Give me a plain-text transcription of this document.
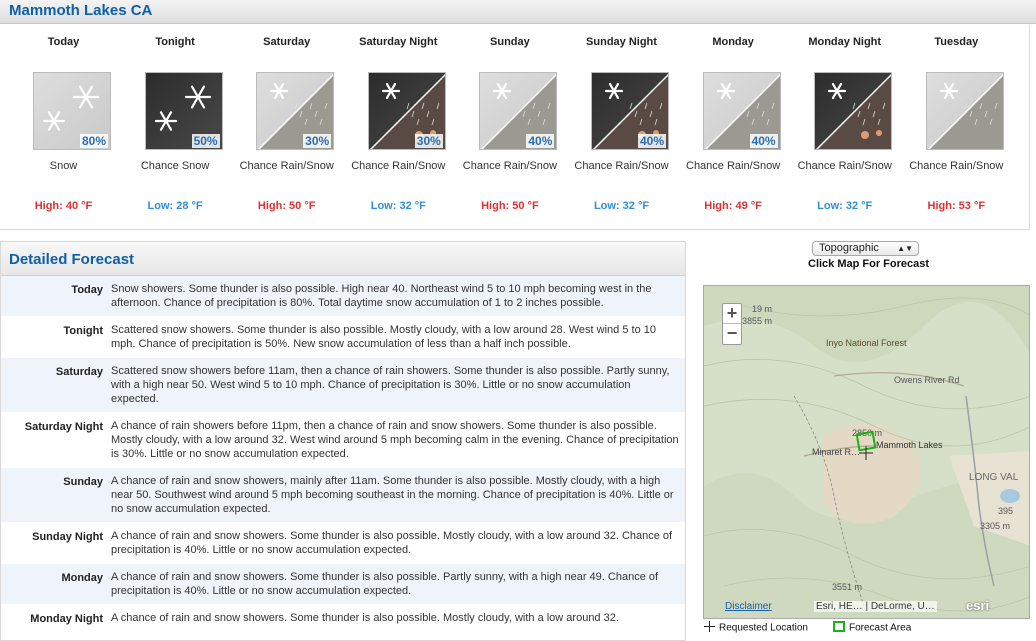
Mammoth Lakes CA
Today
80%
Snow
High: 40 °F
Tonight
50%
Chance Snow
Low: 28 °F
Saturday
30%
Chance Rain/Snow
High: 50 °F
Saturday Night
30%
Chance Rain/Snow
Low: 32 °F
Sunday
40%
Chance Rain/Snow
High: 50 °F
Sunday Night
40%
Chance Rain/Snow
Low: 32 °F
Monday
40%
Chance Rain/Snow
High: 49 °F
Monday Night
Chance Rain/Snow
Low: 32 °F
Tuesday
Chance Rain/Snow
High: 53 °F
Detailed Forecast
Today Snow showers. Some thunder is also possible. High near 40. Northeast wind 5 to 10 mph becoming west in the afternoon. Chance of precipitation is 80%. Total daytime snow accumulation of 1 to 2 inches possible.
Tonight Scattered snow showers. Some thunder is also possible. Mostly cloudy, with a low around 28. West wind 5 to 10 mph. Chance of precipitation is 50%. New snow accumulation of less than a half inch possible.
Saturday Scattered snow showers before 11am, then a chance of rain showers. Some thunder is also possible. Partly sunny, with a high near 50. West wind 5 to 10 mph. Chance of precipitation is 30%. Little or no snow accumulation expected.
Saturday Night A chance of rain showers before 11pm, then a chance of rain and snow showers. Some thunder is also possible. Mostly cloudy, with a low around 32. West wind around 5 mph becoming calm in the evening. Chance of precipitation is 30%. Little or no snow accumulation expected.
Sunday A chance of rain and snow showers, mainly after 11am. Some thunder is also possible. Mostly cloudy, with a high near 50. Southwest wind around 5 mph becoming southeast in the morning. Chance of precipitation is 40%. Little or no snow accumulation expected.
Sunday Night A chance of rain and snow showers. Some thunder is also possible. Mostly cloudy, with a low around 32. Chance of precipitation is 40%. Little or no snow accumulation expected.
Monday A chance of rain and snow showers. Some thunder is also possible. Partly sunny, with a high near 49. Chance of precipitation is 40%. Little or no snow accumulation expected.
Monday Night A chance of rain and snow showers. Some thunder is also possible. Mostly cloudy, with a low around 32.
Topographic ▲▼
Click Map For Forecast
19 m
3855 m
Inyo National Forest
Owens River Rd
2850 m
Minaret R…
Mammoth Lakes
LONG VAL
395
3305 m
3551 m
+
−
Disclaimer	Esri, HE… | DeLorme, U… esri
Requested Location	Forecast Area
